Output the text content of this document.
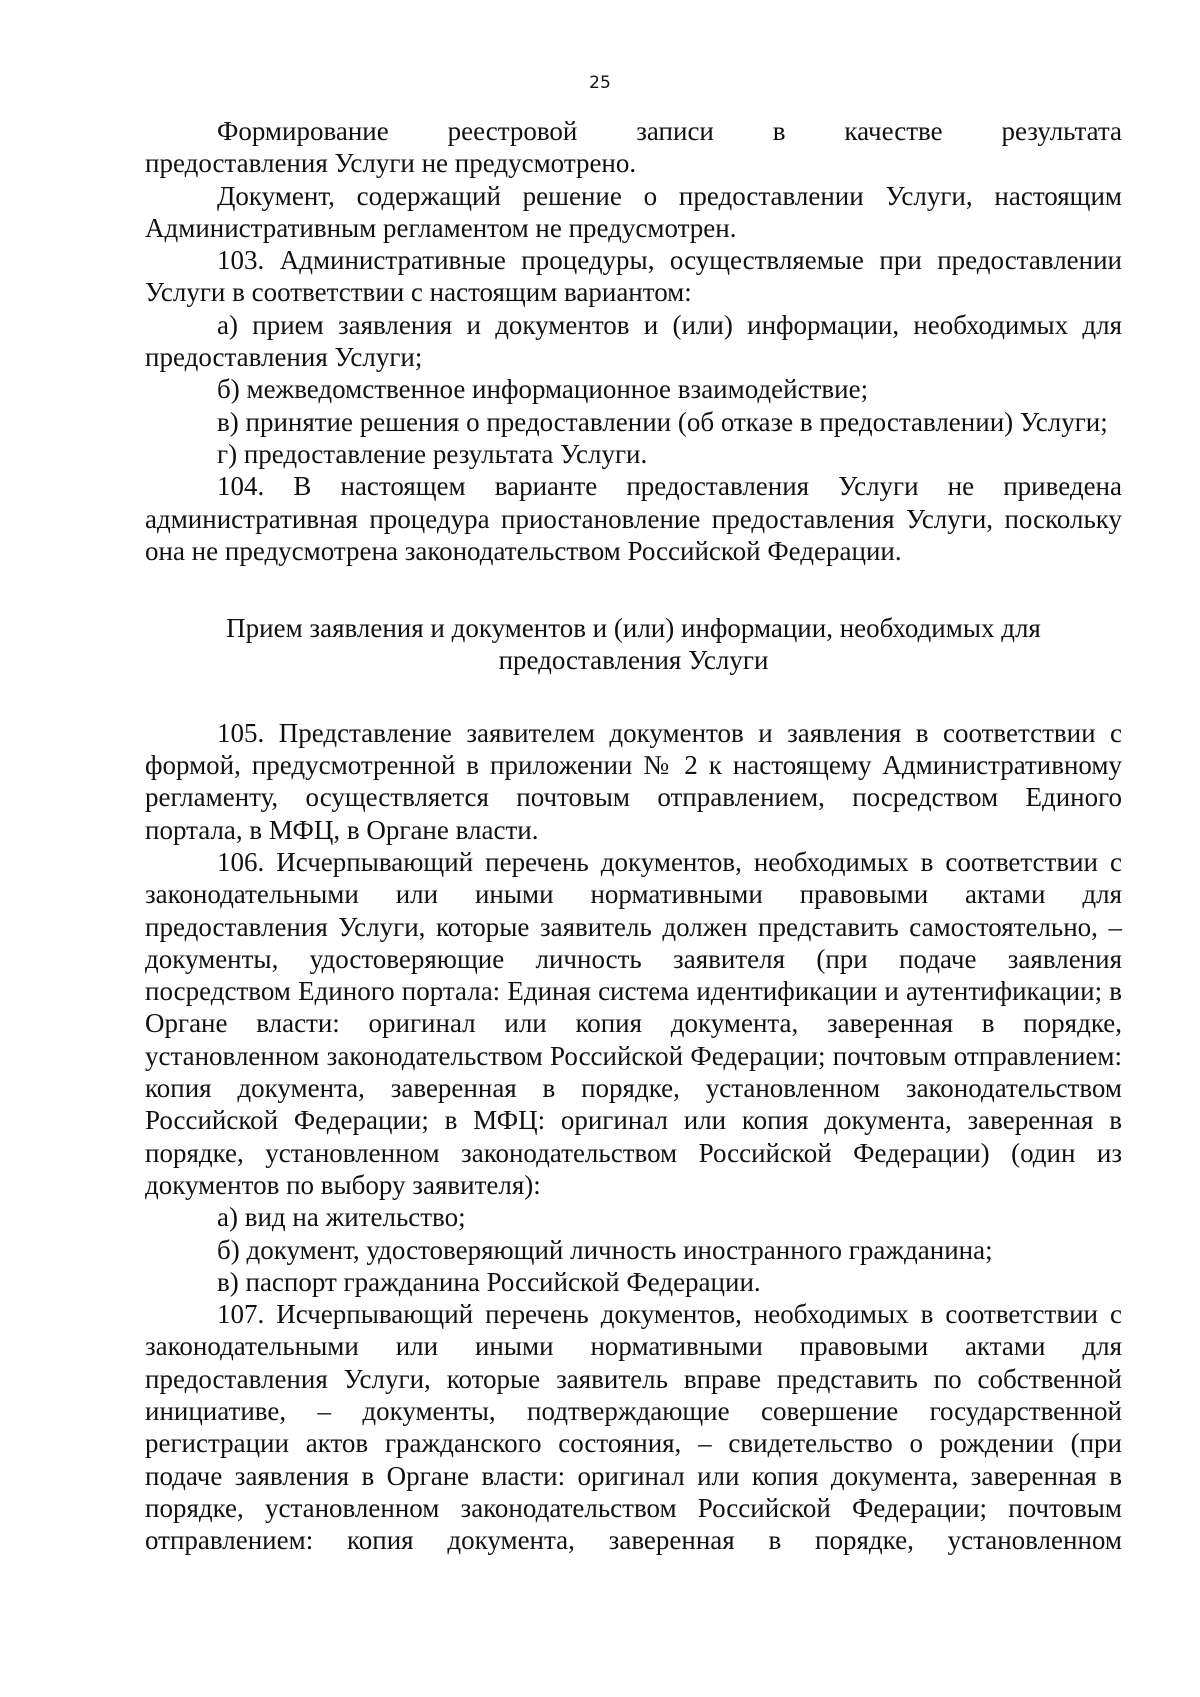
25

Формирование реестровой записи в качестве результата

предоставления Услуги не предусмотрено.

Документ, содержащий решение о предоставлении Услуги, настоящим Административным регламентом не предусмотрен.

103. Административные процедуры, осуществляемые при предоставлении Услуги в соответствии с настоящим вариантом:

а) прием заявления и документов и (или) информации, необходимых для предоставления Услуги;

б) межведомственное информационное взаимодействие;

в) принятие решения о предоставлении (об отказе в предоставлении) Услуги;

г) предоставление результата Услуги.

104. В настоящем варианте предоставления Услуги не приведена административная процедура приостановление предоставления Услуги, поскольку она не предусмотрена законодательством Российской Федерации.

Прием заявления и документов и (или) информации, необходимых для
предоставления Услуги

105. Представление заявителем документов и заявления в соответствии с формой, предусмотренной в приложении № 2 к настоящему Административному регламенту, осуществляется почтовым отправлением, посредством Единого портала, в МФЦ, в Органе власти.

106. Исчерпывающий перечень документов, необходимых в соответствии с законодательными или иными нормативными правовыми актами для предоставления Услуги, которые заявитель должен представить самостоятельно, – документы, удостоверяющие личность заявителя (при подаче заявления посредством Единого портала: Единая система идентификации и аутентификации; в Органе власти: оригинал или копия документа, заверенная в порядке, установленном законодательством Российской Федерации; почтовым отправлением: копия документа, заверенная в порядке, установленном законодательством Российской Федерации; в МФЦ: оригинал или копия документа, заверенная в порядке, установленном законодательством Российской Федерации) (один из документов по выбору заявителя):

а) вид на жительство;

б) документ, удостоверяющий личность иностранного гражданина;

в) паспорт гражданина Российской Федерации.

107. Исчерпывающий перечень документов, необходимых в соответствии с законодательными или иными нормативными правовыми актами для предоставления Услуги, которые заявитель вправе представить по собственной инициативе, – документы, подтверждающие совершение государственной регистрации актов гражданского состояния, – свидетельство о рождении (при подаче заявления в Органе власти: оригинал или копия документа, заверенная в порядке, установленном законодательством Российской Федерации; почтовым отправлением: копия документа, заверенная в порядке, установленном
